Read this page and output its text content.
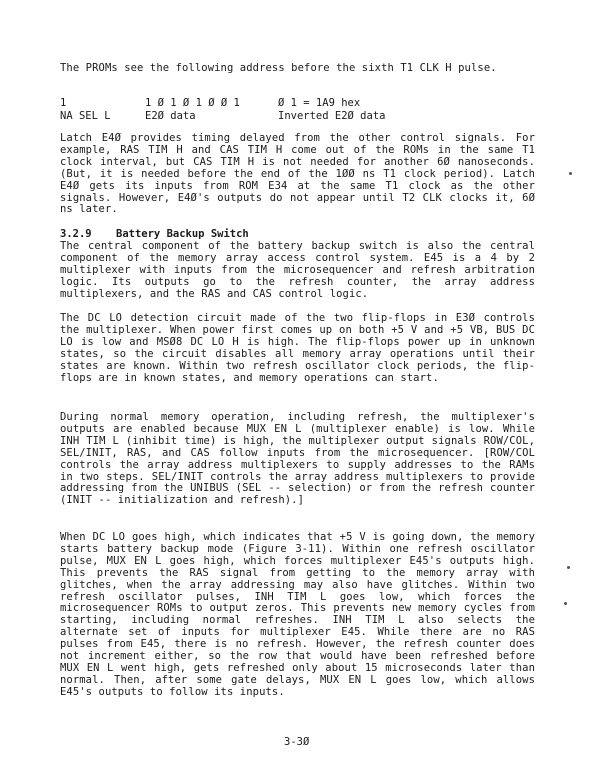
The PROMs see the following address before the sixth T1 CLK H pulse.
1	1 Ø 1 Ø 1 Ø Ø 1	Ø 1 = 1A9 hex
NA SEL L	E2Ø data	Inverted E2Ø data
Latch E4Ø provides timing delayed from the other control signals. For example, RAS TIM H and CAS TIM H come out of the ROMs in the same T1 clock interval, but CAS TIM H is not needed for another 6Ø nanoseconds. (But, it is needed before the end of the 1ØØ ns T1 clock period). Latch E4Ø gets its inputs from ROM E34 at the same T1 clock as the other signals. However, E4Ø's outputs do not appear until T2 CLK clocks it, 6Ø ns later.
3.2.9 Battery Backup Switch
The central component of the battery backup switch is also the central component of the memory array access control system. E45 is a 4 by 2 multiplexer with inputs from the microsequencer and refresh arbitration logic. Its outputs go to the refresh counter, the array address multiplexers, and the RAS and CAS control logic.
The DC LO detection circuit made of the two flip-flops in E3Ø controls the multiplexer. When power first comes up on both +5 V and +5 VB, BUS DC LO is low and MSØ8 DC LO H is high. The flip-flops power up in unknown states, so the circuit disables all memory array operations until their states are known. Within two refresh oscillator clock periods, the flip-flops are in known states, and memory operations can start.
During normal memory operation, including refresh, the multiplexer's outputs are enabled because MUX EN L (multiplexer enable) is low. While INH TIM L (inhibit time) is high, the multiplexer output signals ROW/COL, SEL/INIT, RAS, and CAS follow inputs from the microsequencer. [ROW/COL controls the array address multiplexers to supply addresses to the RAMs in two steps. SEL/INIT controls the array address multiplexers to provide addressing from the UNIBUS (SEL -- selection) or from the refresh counter (INIT -- initialization and refresh).]
When DC LO goes high, which indicates that +5 V is going down, the memory starts battery backup mode (Figure 3-11). Within one refresh oscillator pulse, MUX EN L goes high, which forces multiplexer E45's outputs high. This prevents the RAS signal from getting to the memory array with glitches, when the array addressing may also have glitches. Within two refresh oscillator pulses, INH TIM L goes low, which forces the microsequencer ROMs to output zeros. This prevents new memory cycles from starting, including normal refreshes. INH TIM L also selects the alternate set of inputs for multiplexer E45. While there are no RAS pulses from E45, there is no refresh. However, the refresh counter does not increment either, so the row that would have been refreshed before MUX EN L went high, gets refreshed only about 15 microseconds later than normal. Then, after some gate delays, MUX EN L goes low, which allows E45's outputs to follow its inputs.
3-3Ø
